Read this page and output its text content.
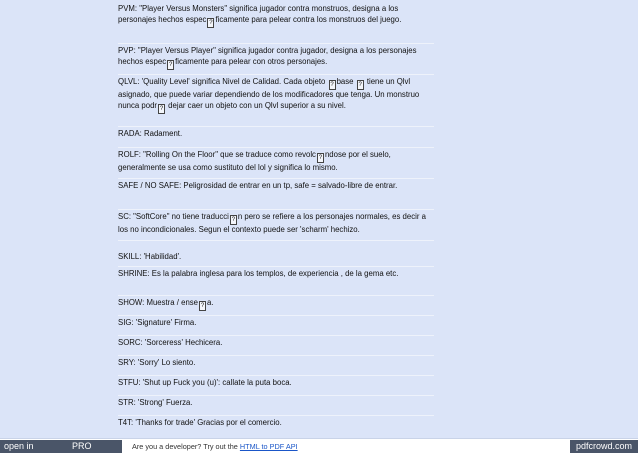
PVM: "Player Versus Monsters" significa jugador contra monstruos, designa a los personajes hechos espec ? ficamente para pelear contra los monstruos del juego.
PVP: "Player Versus Player" significa jugador contra jugador, designa a los personajes hechos espec ? ficamente para pelear con otros personajes.
QLVL: 'Quality Level' significa Nivel de Calidad. Cada objeto ? base ? tiene un Qlvl asignado, que puede variar dependiendo de los modificadores que tenga. Un monstruo nunca podr ? dejar caer un objeto con un Qlvl superior a su nivel.
RADA: Radament.
ROLF: "Rolling On the Floor" que se traduce como revolc ? ndose por el suelo, generalmente se usa como sustituto del lol y significa lo mismo.
SAFE / NO SAFE: Peligrosidad de entrar en un tp, safe = salvado-libre de entrar.
SC: "SoftCore" no tiene traducci ? n pero se refiere a los personajes normales, es decir a los no incondicionales. Segun el contexto puede ser 'scharm' hechizo.
SKILL: 'Habilidad'.
SHRINE: Es la palabra inglesa para los templos, de experiencia , de la gema etc.
SHOW: Muestra / ense ? a.
SIG: 'Signature' Firma.
SORC: 'Sorceress' Hechicera.
SRY: 'Sorry' Lo siento.
STFU: 'Shut up Fuck you (u)': callate la puta boca.
STR: 'Strong' Fuerza.
T4T: 'Thanks for trade' Gracias por el comercio.
open in browser
PRO version
Are you a developer? Try out the HTML to PDF API	pdfcrowd.com
